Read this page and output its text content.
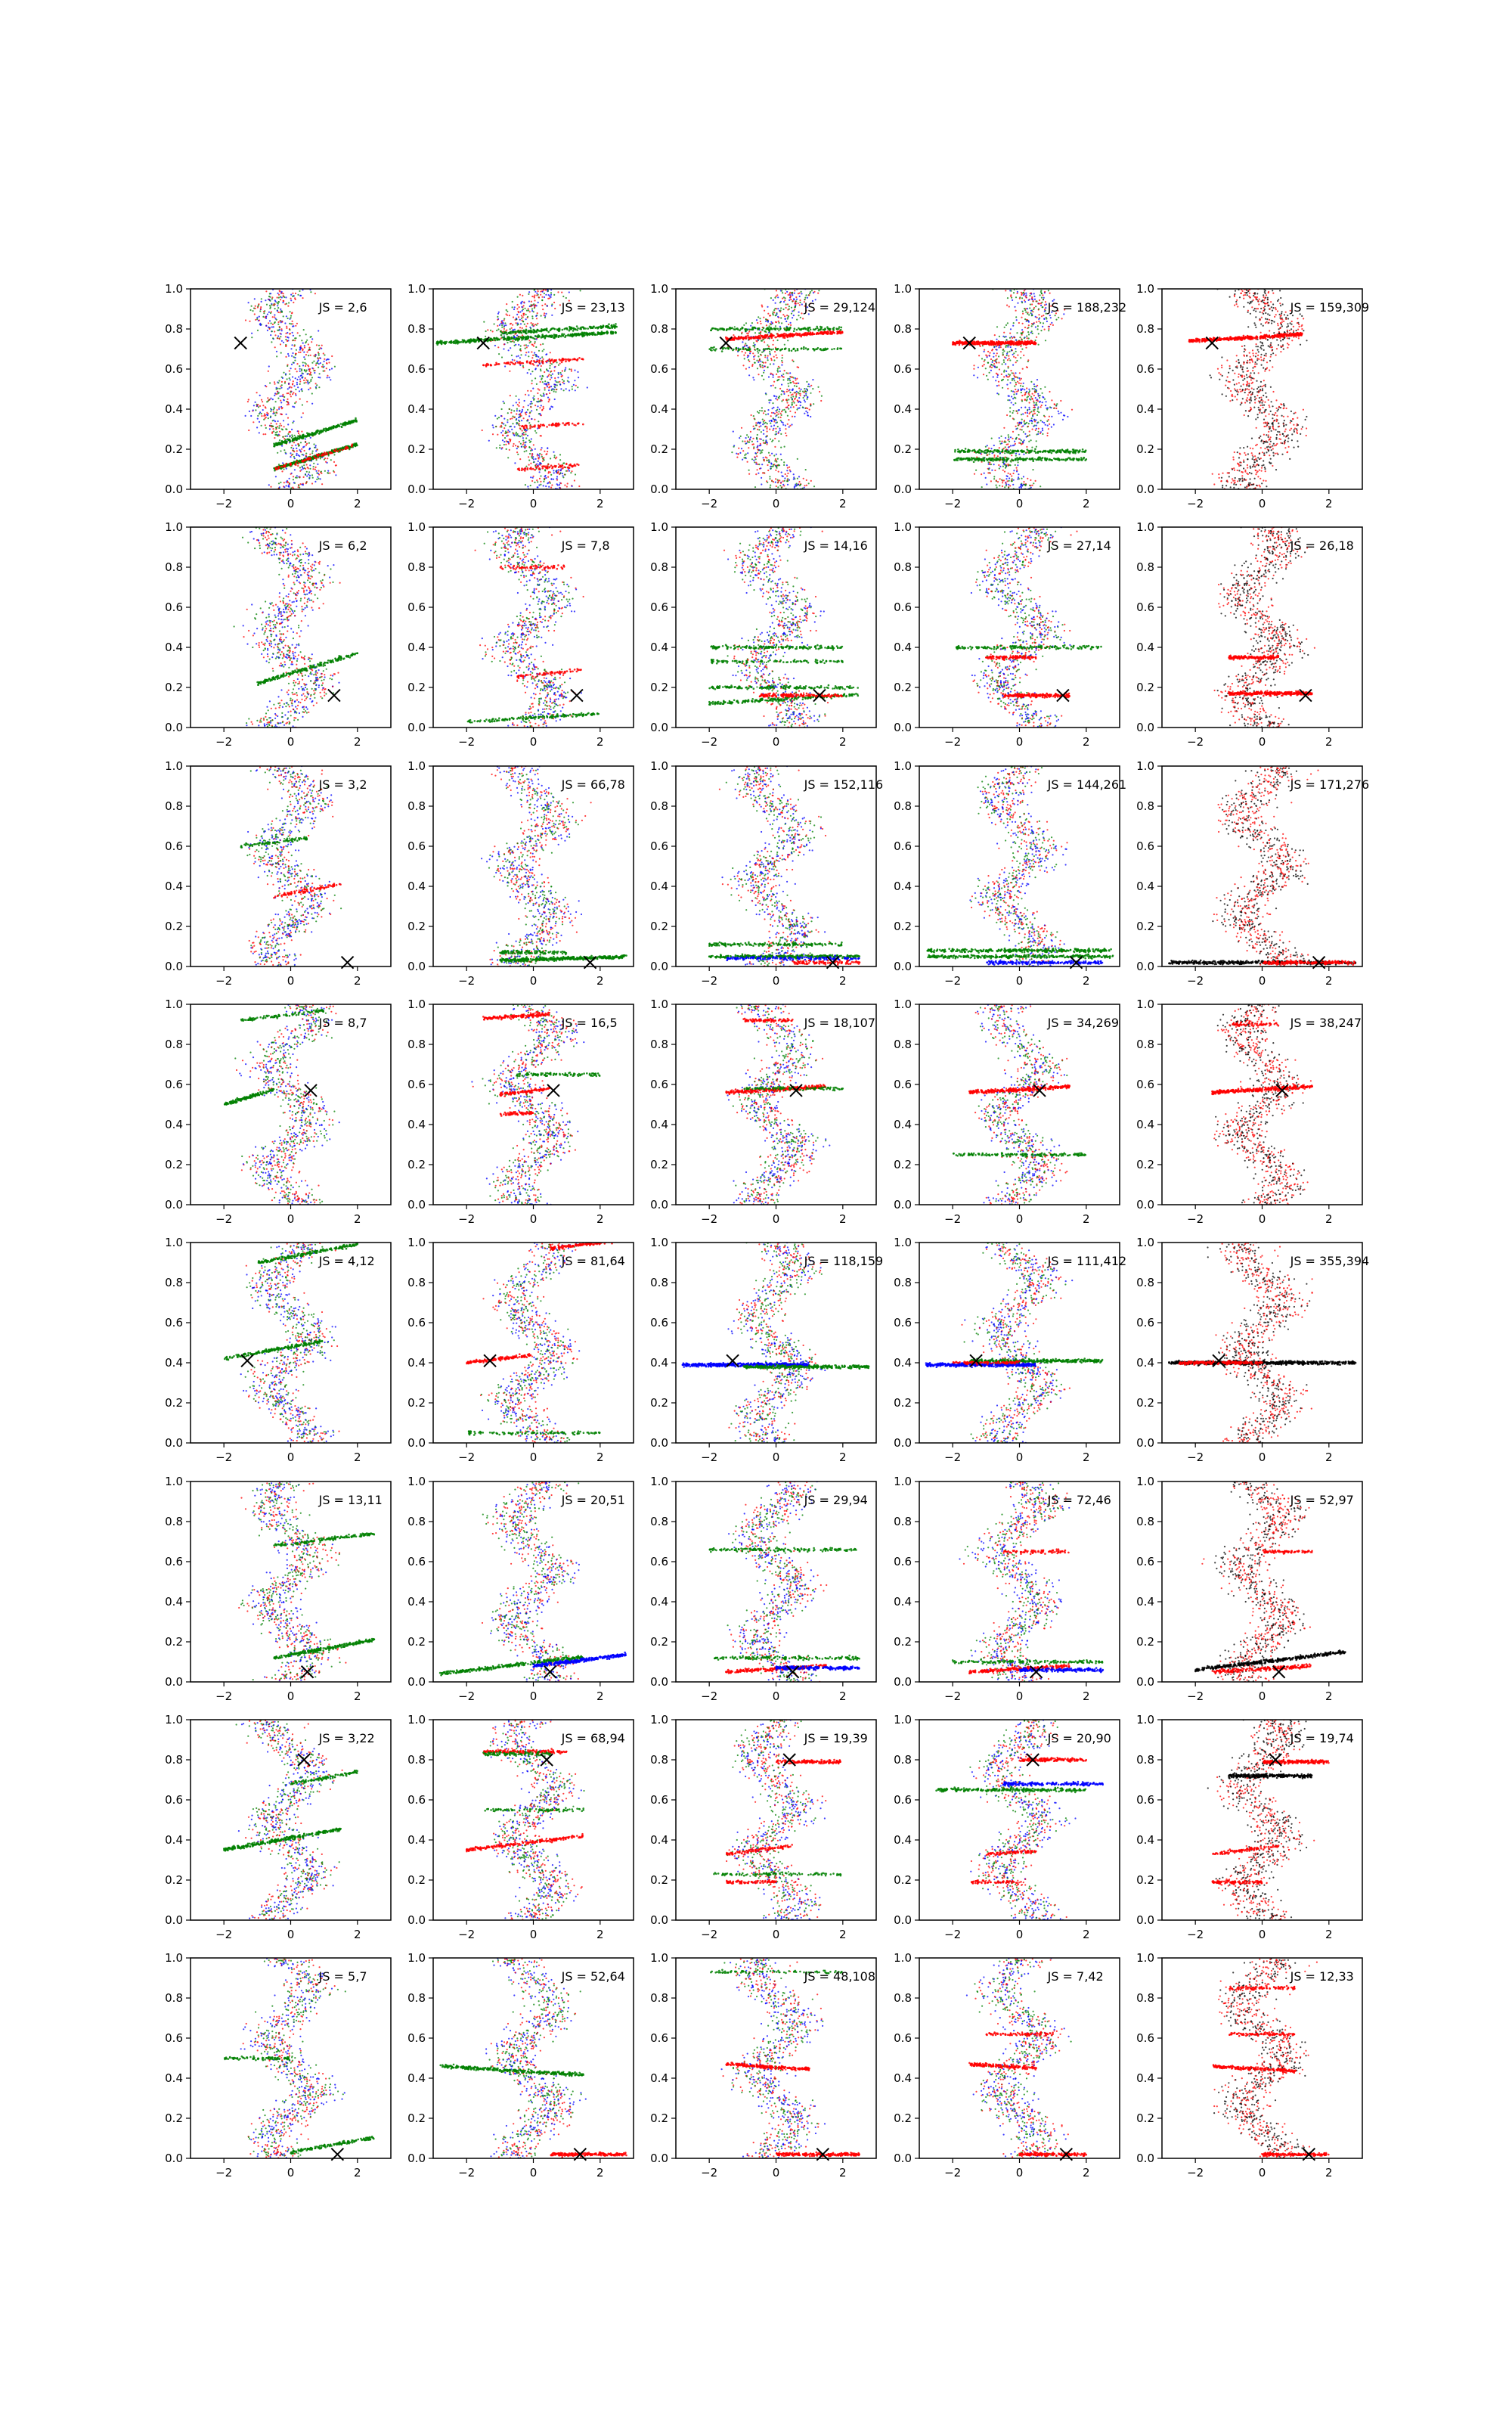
−2	0	2
0.0
0.2
0.4
0.6
0.8
1.0
JS = 2,6
−2	0	2
0.0
0.2
0.4
0.6
0.8
1.0
JS = 23,13
−2	0	2
0.0
0.2
0.4
0.6
0.8
1.0
JS = 29,124
−2	0	2
0.0
0.2
0.4
0.6
0.8
1.0
JS = 188,232
−2	0	2
0.0
0.2
0.4
0.6
0.8
1.0
JS = 159,309
−2	0	2
0.0
0.2
0.4
0.6
0.8
1.0
JS = 6,2
−2	0	2
0.0
0.2
0.4
0.6
0.8
1.0
JS = 7,8
−2	0	2
0.0
0.2
0.4
0.6
0.8
1.0
JS = 14,16
−2	0	2
0.0
0.2
0.4
0.6
0.8
1.0
JS = 27,14
−2	0	2
0.0
0.2
0.4
0.6
0.8
1.0
JS = 26,18
−2	0	2
0.0
0.2
0.4
0.6
0.8
1.0
JS = 3,2
−2	0	2
0.0
0.2
0.4
0.6
0.8
1.0
JS = 66,78
−2	0	2
0.0
0.2
0.4
0.6
0.8
1.0
JS = 152,116
−2	0	2
0.0
0.2
0.4
0.6
0.8
1.0
JS = 144,261
−2	0	2
0.0
0.2
0.4
0.6
0.8
1.0
JS = 171,276
−2	0	2
0.0
0.2
0.4
0.6
0.8
1.0
JS = 8,7
−2	0	2
0.0
0.2
0.4
0.6
0.8
1.0
JS = 16,5
−2	0	2
0.0
0.2
0.4
0.6
0.8
1.0
JS = 18,107
−2	0	2
0.0
0.2
0.4
0.6
0.8
1.0
JS = 34,269
−2	0	2
0.0
0.2
0.4
0.6
0.8
1.0
JS = 38,247
−2	0	2
0.0
0.2
0.4
0.6
0.8
1.0
JS = 4,12
−2	0	2
0.0
0.2
0.4
0.6
0.8
1.0
JS = 81,64
−2	0	2
0.0
0.2
0.4
0.6
0.8
1.0
JS = 118,159
−2	0	2
0.0
0.2
0.4
0.6
0.8
1.0
JS = 111,412
−2	0	2
0.0
0.2
0.4
0.6
0.8
1.0
JS = 355,394
−2	0	2
0.0
0.2
0.4
0.6
0.8
1.0
JS = 13,11
−2	0	2
0.0
0.2
0.4
0.6
0.8
1.0
JS = 20,51
−2	0	2
0.0
0.2
0.4
0.6
0.8
1.0
JS = 29,94
−2	0	2
0.0
0.2
0.4
0.6
0.8
1.0
JS = 72,46
−2	0	2
0.0
0.2
0.4
0.6
0.8
1.0
JS = 52,97
−2	0	2
0.0
0.2
0.4
0.6
0.8
1.0
JS = 3,22
−2	0	2
0.0
0.2
0.4
0.6
0.8
1.0
JS = 68,94
−2	0	2
0.0
0.2
0.4
0.6
0.8
1.0
JS = 19,39
−2	0	2
0.0
0.2
0.4
0.6
0.8
1.0
JS = 20,90
−2	0	2
0.0
0.2
0.4
0.6
0.8
1.0
JS = 19,74
−2	0	2
0.0
0.2
0.4
0.6
0.8
1.0
JS = 5,7
−2	0	2
0.0
0.2
0.4
0.6
0.8
1.0
JS = 52,64
−2	0	2
0.0
0.2
0.4
0.6
0.8
1.0
JS = 48,108
−2	0	2
0.0
0.2
0.4
0.6
0.8
1.0
JS = 7,42
−2	0	2
0.0
0.2
0.4
0.6
0.8
1.0
JS = 12,33
